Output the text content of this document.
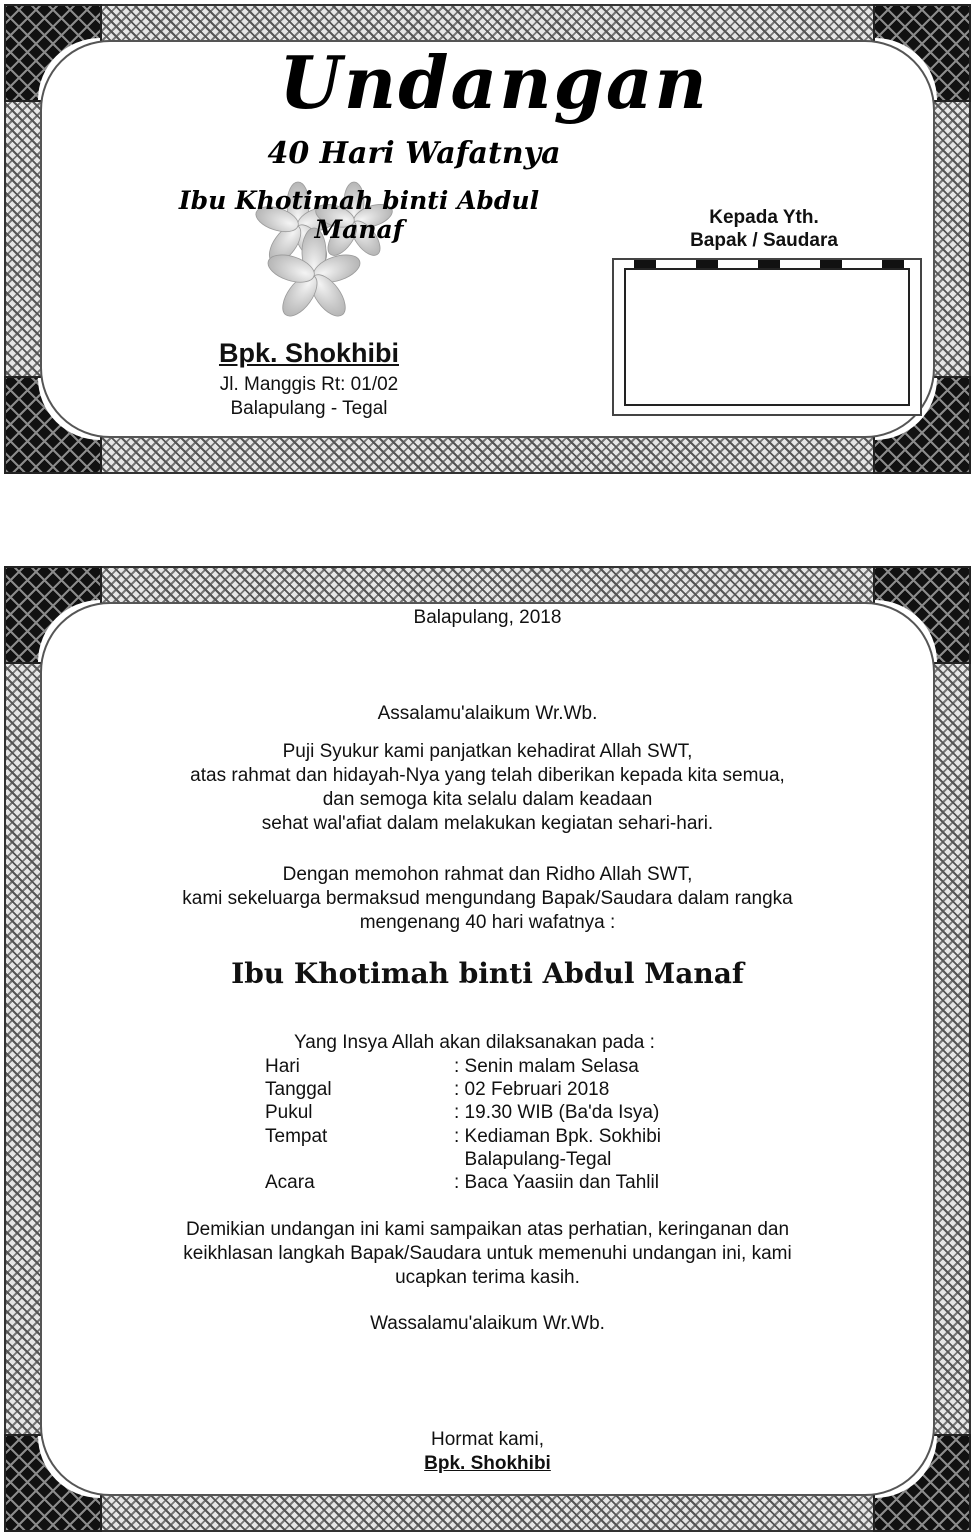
Undangan
40 Hari Wafatnya
Ibu Khotimah binti Abdul Manaf
Bpk. Shokhibi
Jl. Manggis Rt: 01/02
Balapulang - Tegal
Kepada Yth.
Bapak / Saudara
Balapulang, 2018
Assalamu'alaikum Wr.Wb.
Puji Syukur kami panjatkan kehadirat Allah SWT,
atas rahmat dan hidayah-Nya yang telah diberikan kepada kita semua,
dan semoga kita selalu dalam keadaan
sehat wal'afiat dalam melakukan kegiatan sehari-hari.
Dengan memohon rahmat dan Ridho Allah SWT,
kami sekeluarga bermaksud mengundang Bapak/Saudara dalam rangka
mengenang 40 hari wafatnya :
Ibu Khotimah binti Abdul Manaf
Yang Insya Allah akan dilaksanakan pada :
Hari	: Senin malam Selasa
Tanggal	: 02 Februari 2018
Pukul	: 19.30 WIB (Ba'da Isya)
Tempat	: Kediaman Bpk. Sokhibi
Balapulang-Tegal
Acara	: Baca Yaasiin dan Tahlil
Demikian undangan ini kami sampaikan atas perhatian, keringanan dan
keikhlasan langkah Bapak/Saudara untuk memenuhi undangan ini, kami
ucapkan terima kasih.
Wassalamu'alaikum Wr.Wb.
Hormat kami,
Bpk. Shokhibi
